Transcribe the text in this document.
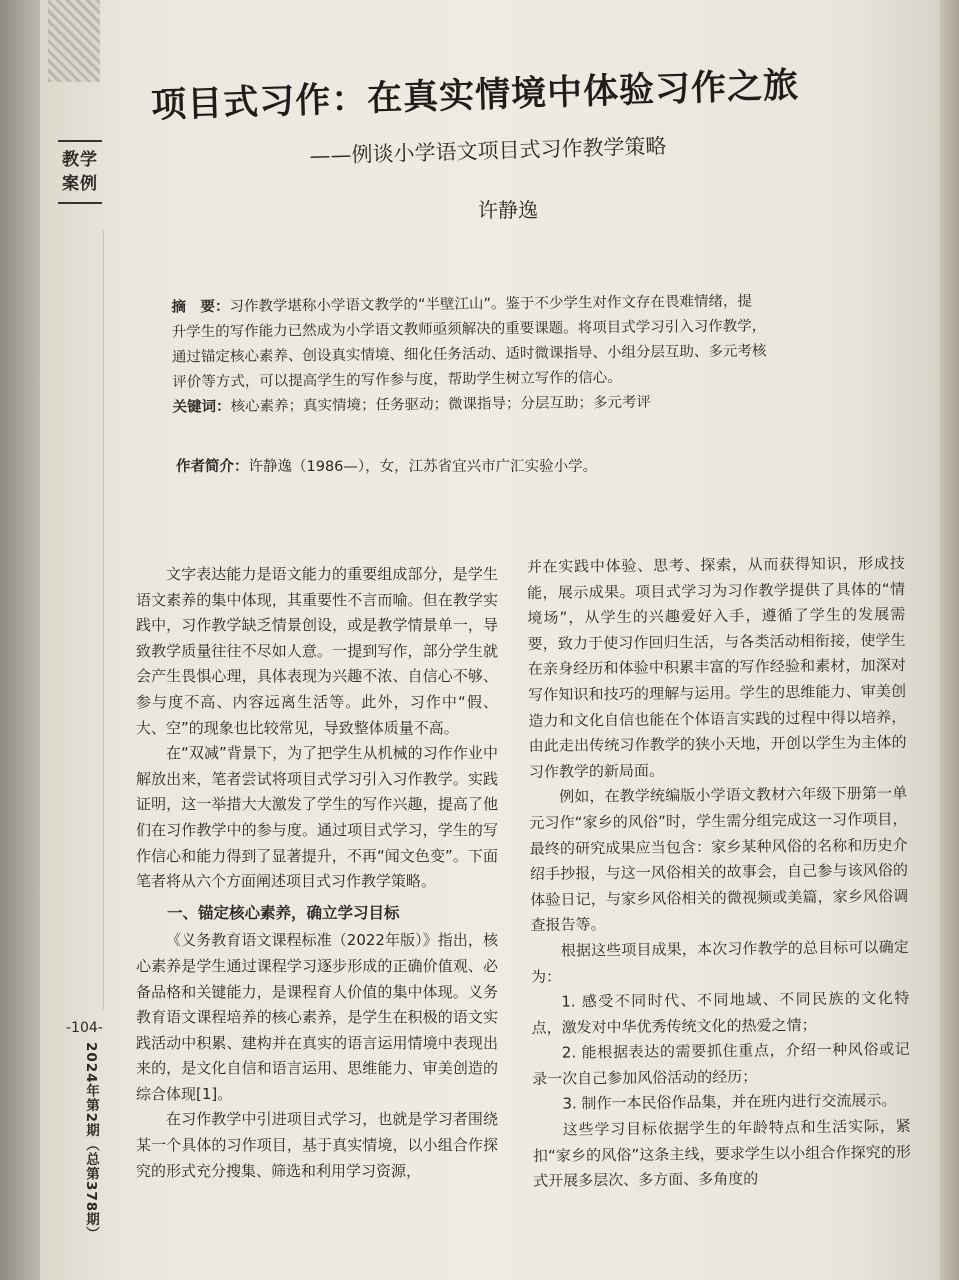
教学案例
项目式习作：在真实情境中体验习作之旅
——例谈小学语文项目式习作教学策略
许静逸
摘　要：习作教学堪称小学语文教学的“半壁江山”。鉴于不少学生对作文存在畏难情绪，提
升学生的写作能力已然成为小学语文教师亟须解决的重要课题。将项目式学习引入习作教学，
通过锚定核心素养、创设真实情境、细化任务活动、适时微课指导、小组分层互助、多元考核
评价等方式，可以提高学生的写作参与度，帮助学生树立写作的信心。
关键词：核心素养；真实情境；任务驱动；微课指导；分层互助；多元考评
作者简介：许静逸（1986—），女，江苏省宜兴市广汇实验小学。

文字表达能力是语文能力的重要组成部分，是学生语文素养的集中体现，其重要性不言而喻。但在教学实践中，习作教学缺乏情景创设，或是教学情景单一，导致教学质量往往不尽如人意。一提到写作，部分学生就会产生畏惧心理，具体表现为兴趣不浓、自信心不够、参与度不高、内容远离生活等。此外，习作中“假、大、空”的现象也比较常见，导致整体质量不高。

在“双减”背景下，为了把学生从机械的习作作业中解放出来，笔者尝试将项目式学习引入习作教学。实践证明，这一举措大大激发了学生的写作兴趣，提高了他们在习作教学中的参与度。通过项目式学习，学生的写作信心和能力得到了显著提升，不再“闻文色变”。下面笔者将从六个方面阐述项目式习作教学策略。

一、锚定核心素养，确立学习目标

《义务教育语文课程标准（2022年版）》指出，核心素养是学生通过课程学习逐步形成的正确价值观、必备品格和关键能力，是课程育人价值的集中体现。义务教育语文课程培养的核心素养，是学生在积极的语文实践活动中积累、建构并在真实的语言运用情境中表现出来的，是文化自信和语言运用、思维能力、审美创造的综合体现[1]。

在习作教学中引进项目式学习，也就是学习者围绕某一个具体的习作项目，基于真实情境，以小组合作探究的形式充分搜集、筛选和利用学习资源，

并在实践中体验、思考、探索，从而获得知识，形成技能，展示成果。项目式学习为习作教学提供了具体的“情境场”，从学生的兴趣爱好入手，遵循了学生的发展需要，致力于使习作回归生活，与各类活动相衔接，使学生在亲身经历和体验中积累丰富的写作经验和素材，加深对写作知识和技巧的理解与运用。学生的思维能力、审美创造力和文化自信也能在个体语言实践的过程中得以培养，由此走出传统习作教学的狭小天地，开创以学生为主体的习作教学的新局面。

例如，在教学统编版小学语文教材六年级下册第一单元习作“家乡的风俗”时，学生需分组完成这一习作项目，最终的研究成果应当包含：家乡某种风俗的名称和历史介绍手抄报，与这一风俗相关的故事会，自己参与该风俗的体验日记，与家乡风俗相关的微视频或美篇，家乡风俗调查报告等。

根据这些项目成果，本次习作教学的总目标可以确定为：

1. 感受不同时代、不同地域、不同民族的文化特点，激发对中华优秀传统文化的热爱之情；

2. 能根据表达的需要抓住重点，介绍一种风俗或记录一次自己参加风俗活动的经历；

3. 制作一本民俗作品集，并在班内进行交流展示。

这些学习目标依据学生的年龄特点和生活实际，紧扣“家乡的风俗”这条主线，要求学生以小组合作探究的形式开展多层次、多方面、多角度的

-104-
2024年第2期（总第378期）
